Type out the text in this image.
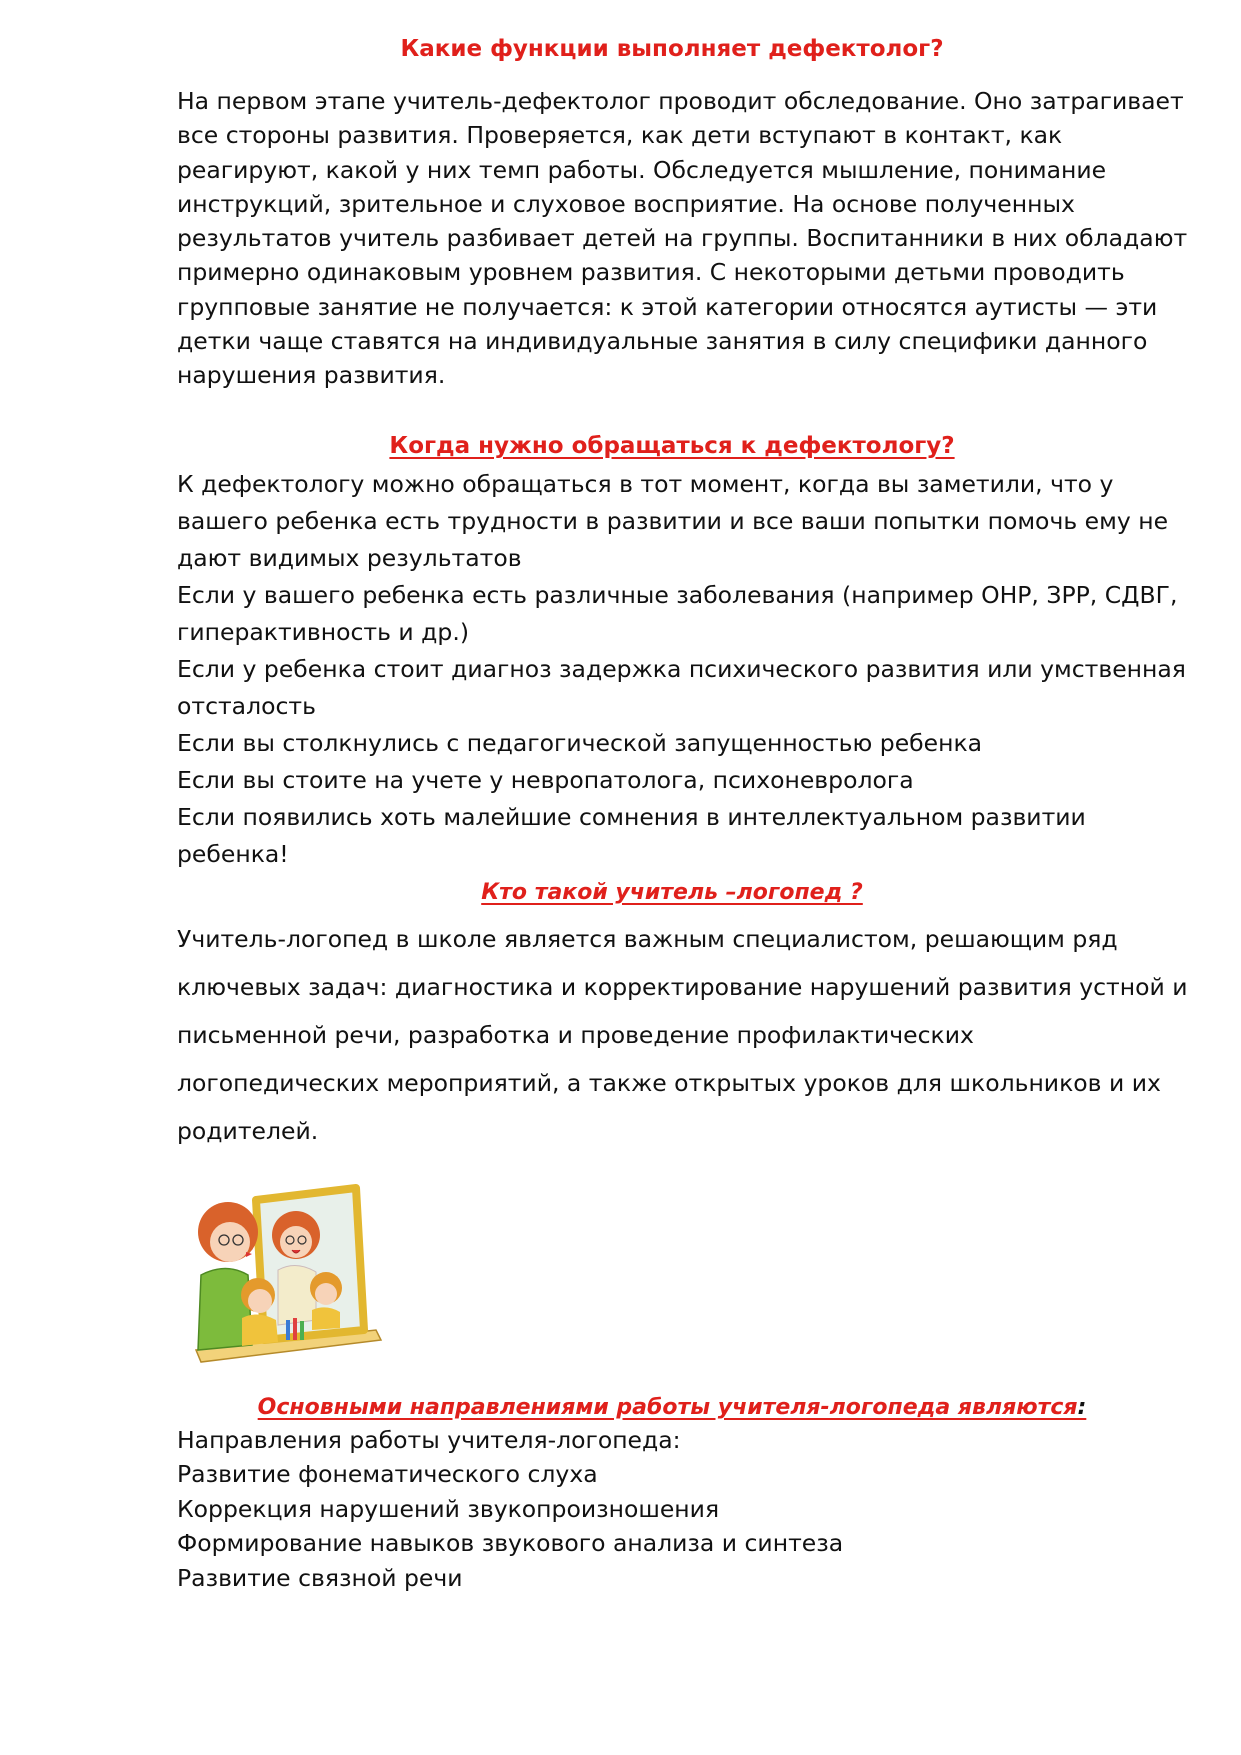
Какие функции выполняет дефектолог?

На первом этапе учитель-дефектолог проводит обследование. Оно затрагивает

все стороны развития. Проверяется, как дети вступают в контакт, как

реагируют, какой у них темп работы. Обследуется мышление, понимание

инструкций, зрительное и слуховое восприятие. На основе полученных

результатов учитель разбивает детей на группы. Воспитанники в них обладают

примерно одинаковым уровнем развития. С некоторыми детьми проводить

групповые занятие не получается: к этой категории относятся аутисты — эти

детки чаще ставятся на индивидуальные занятия в силу специфики данного

нарушения развития.

Когда нужно обращаться к дефектологу?

К дефектологу можно обращаться в тот момент, когда вы заметили, что у

вашего ребенка есть трудности в развитии и все ваши попытки помочь ему не

дают видимых результатов

Если у вашего ребенка есть различные заболевания (например ОНР, ЗРР, СДВГ,

гиперактивность и др.)

Если у ребенка стоит диагноз задержка психического развития или умственная

отсталость

Если вы столкнулись с педагогической запущенностью ребенка

Если вы стоите на учете у невропатолога, психоневролога

Если появились хоть малейшие сомнения в интеллектуальном развитии

ребенка!

Кто такой учитель –логопед ?

Учитель-логопед в школе является важным специалистом, решающим ряд

ключевых задач: диагностика и корректирование нарушений развития устной и

письменной речи, разработка и проведение профилактических

логопедических мероприятий, а также открытых уроков для школьников и их

родителей.

Основными направлениями работы учителя-логопеда являются:

Направления работы учителя-логопеда:

Развитие фонематического слуха

Коррекция нарушений звукопроизношения

Формирование навыков звукового анализа и синтеза

Развитие связной речи
